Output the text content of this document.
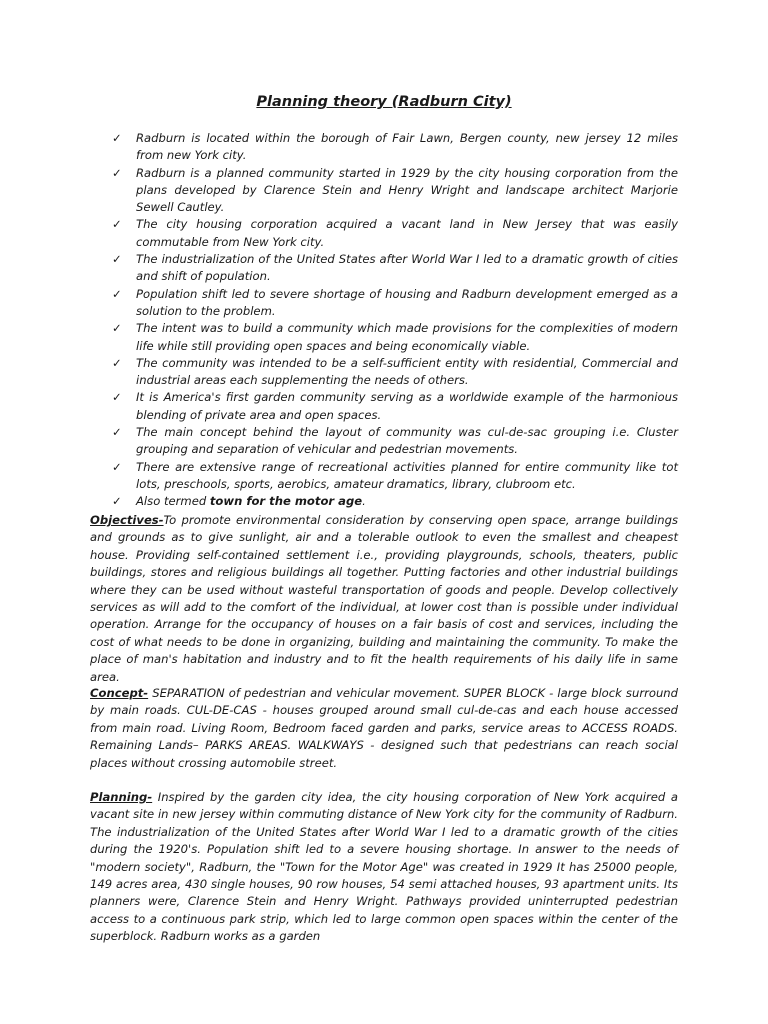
Planning theory (Radburn City)
✓ Radburn is located within the borough of Fair Lawn, Bergen county, new jersey 12 miles from new York city.
✓ Radburn is a planned community started in 1929 by the city housing corporation from the plans developed by Clarence Stein and Henry Wright and landscape architect Marjorie Sewell Cautley.
✓ The city housing corporation acquired a vacant land in New Jersey that was easily commutable from New York city.
✓ The industrialization of the United States after World War I led to a dramatic growth of cities and shift of population.
✓ Population shift led to severe shortage of housing and Radburn development emerged as a solution to the problem.
✓ The intent was to build a community which made provisions for the complexities of modern life while still providing open spaces and being economically viable.
✓ The community was intended to be a self-sufficient entity with residential, Commercial and industrial areas each supplementing the needs of others.
✓ It is America's first garden community serving as a worldwide example of the harmonious blending of private area and open spaces.
✓ The main concept behind the layout of community was cul-de-sac grouping i.e. Cluster grouping and separation of vehicular and pedestrian movements.
✓ There are extensive range of recreational activities planned for entire community like tot lots, preschools, sports, aerobics, amateur dramatics, library, clubroom etc.
✓ Also termed town for the motor age.

Objectives-To promote environmental consideration by conserving open space, arrange buildings and grounds as to give sunlight, air and a tolerable outlook to even the smallest and cheapest house. Providing self-contained settlement i.e., providing playgrounds, schools, theaters, public buildings, stores and religious buildings all together. Putting factories and other industrial buildings where they can be used without wasteful transportation of goods and people. Develop collectively services as will add to the comfort of the individual, at lower cost than is possible under individual operation. Arrange for the occupancy of houses on a fair basis of cost and services, including the cost of what needs to be done in organizing, building and maintaining the community. To make the place of man's habitation and industry and to fit the health requirements of his daily life in same area.

Concept- SEPARATION of pedestrian and vehicular movement. SUPER BLOCK - large block surround by main roads. CUL-DE-CAS - houses grouped around small cul-de-cas and each house accessed from main road. Living Room, Bedroom faced garden and parks, service areas to ACCESS ROADS. Remaining Lands– PARKS AREAS. WALKWAYS - designed such that pedestrians can reach social places without crossing automobile street.

Planning- Inspired by the garden city idea, the city housing corporation of New York acquired a vacant site in new jersey within commuting distance of New York city for the community of Radburn. The industrialization of the United States after World War I led to a dramatic growth of the cities during the 1920's. Population shift led to a severe housing shortage. In answer to the needs of "modern society", Radburn, the "Town for the Motor Age" was created in 1929 It has 25000 people, 149 acres area, 430 single houses, 90 row houses, 54 semi attached houses, 93 apartment units. Its planners were, Clarence Stein and Henry Wright. Pathways provided uninterrupted pedestrian access to a continuous park strip, which led to large common open spaces within the center of the superblock. Radburn works as a garden
